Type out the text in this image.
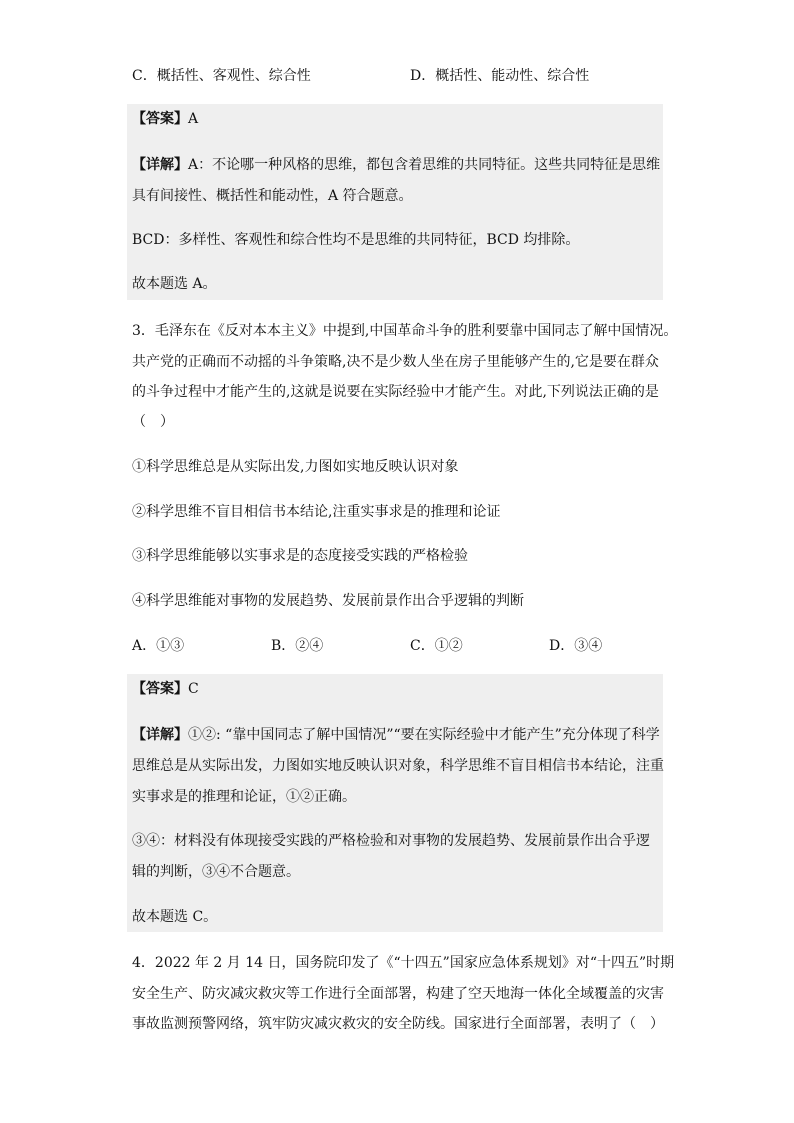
C．概括性、客观性、综合性	D．概括性、能动性、综合性
【答案】A
【详解】A：不论哪一种风格的思维，都包含着思维的共同特征。这些共同特征是思维
具有间接性、概括性和能动性，A 符合题意。
BCD：多样性、客观性和综合性均不是思维的共同特征，BCD 均排除。
故本题选 A。
3．毛泽东在《反对本本主义》中提到,中国革命斗争的胜利要靠中国同志了解中国情况。
共产党的正确而不动摇的斗争策略,决不是少数人坐在房子里能够产生的,它是要在群众
的斗争过程中才能产生的,这就是说要在实际经验中才能产生。对此,下列说法正确的是
（　）
①科学思维总是从实际出发,力图如实地反映认识对象
②科学思维不盲目相信书本结论,注重实事求是的推理和论证
③科学思维能够以实事求是的态度接受实践的严格检验
④科学思维能对事物的发展趋势、发展前景作出合乎逻辑的判断
A．①③	B．②④	C．①②	D．③④
【答案】C
【详解】①②: “靠中国同志了解中国情况”“要在实际经验中才能产生”充分体现了科学
思维总是从实际出发，力图如实地反映认识对象，科学思维不盲目相信书本结论，注重
实事求是的推理和论证，①②正确。
③④：材料没有体现接受实践的严格检验和对事物的发展趋势、发展前景作出合乎逻
辑的判断，③④不合题意。
故本题选 C。
4．2022 年 2 月 14 日，国务院印发了《“十四五”国家应急体系规划》对“十四五”时期
安全生产、防灾减灾救灾等工作进行全面部署，构建了空天地海一体化全域覆盖的灾害
事故监测预警网络，筑牢防灾减灾救灾的安全防线。国家进行全面部署，表明了（　）
